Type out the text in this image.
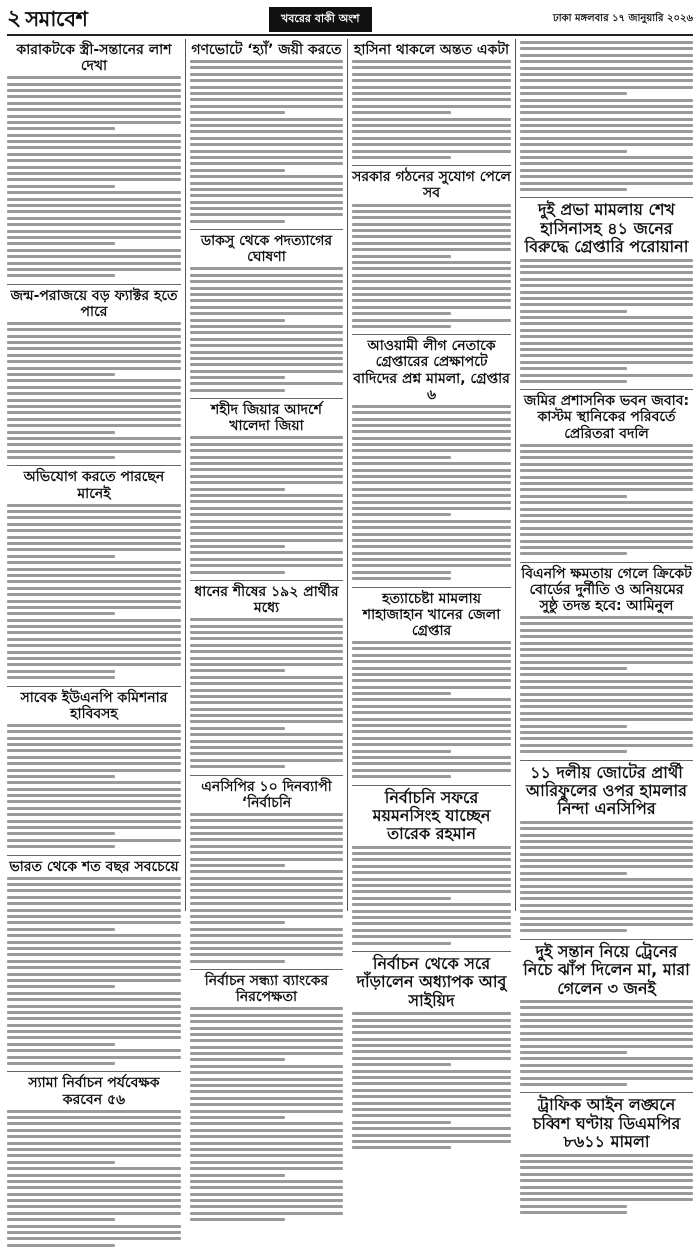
২ সমাবেশ	খবরের বাকী অংশ	ঢাকা মঙ্গলবার ১৭ জানুয়ারি ২০২৬
কারাকটকে স্ত্রী-সন্তানের লাশ দেখা
জন্ম-পরাজয়ে বড় ফ্যাক্টর হতে পারে
অভিযোগ করতে পারছেন মানেই
সাবেক ইউএনপি কমিশনার হাবিবসহ
ভারত থেকে শত বছর সবচেয়ে
স্যামা নির্বাচন পর্যবেক্ষক করবেন ৫৬
গণভোটে ‘হ্যাঁ’ জয়ী করতে
ডাকসু থেকে পদত্যাগের ঘোষণা
শহীদ জিয়ার আদর্শে খালেদা জিয়া
ধানের শীষের ১৯২ প্রার্থীর মধ্যে
এনসিপির ১০ দিনব্যাপী ‘নির্বাচনি
নির্বাচন সন্ধ্যা ব্যাংকের নিরপেক্ষতা
হাসিনা থাকলে অন্তত একটা
সরকার গঠনের সুযোগ পেলে সব
আওয়ামী লীগ নেতাকে গ্রেপ্তারের প্রেক্ষাপটে বাদিদের প্রশ্ন মামলা, গ্রেপ্তার ৬
হত্যাচেষ্টা মামলায় শাহাজাহান খানের জেলা গ্রেপ্তার
নির্বাচনি সফরে ময়মনসিংহ যাচ্ছেন তারেক রহমান
নির্বাচন থেকে সরে দাঁড়ালেন অধ্যাপক আবু সাইয়িদ
দুই প্রভা মামলায় শেখ হাসিনাসহ ৪১ জনের বিরুদ্ধে গ্রেপ্তারি পরোয়ানা
জমির প্রশাসনিক ভবন জবাব: কাস্টম স্থানিকের পরিবর্তে প্রেরিতরা বদলি
বিএনপি ক্ষমতায় গেলে ক্রিকেট বোর্ডের দুর্নীতি ও অনিয়মের সুষ্ঠু তদন্ত হবে: আমিনুল
১১ দলীয় জোটের প্রার্থী আরিফুলের ওপর হামলার নিন্দা এনসিপির
দুই সন্তান নিয়ে ট্রেনের নিচে ঝাঁপ দিলেন মা, মারা গেলেন ৩ জনই
ট্রাফিক আইন লঙ্ঘনে চব্বিশ ঘণ্টায় ডিএমপির ৮৬১১ মামলা
